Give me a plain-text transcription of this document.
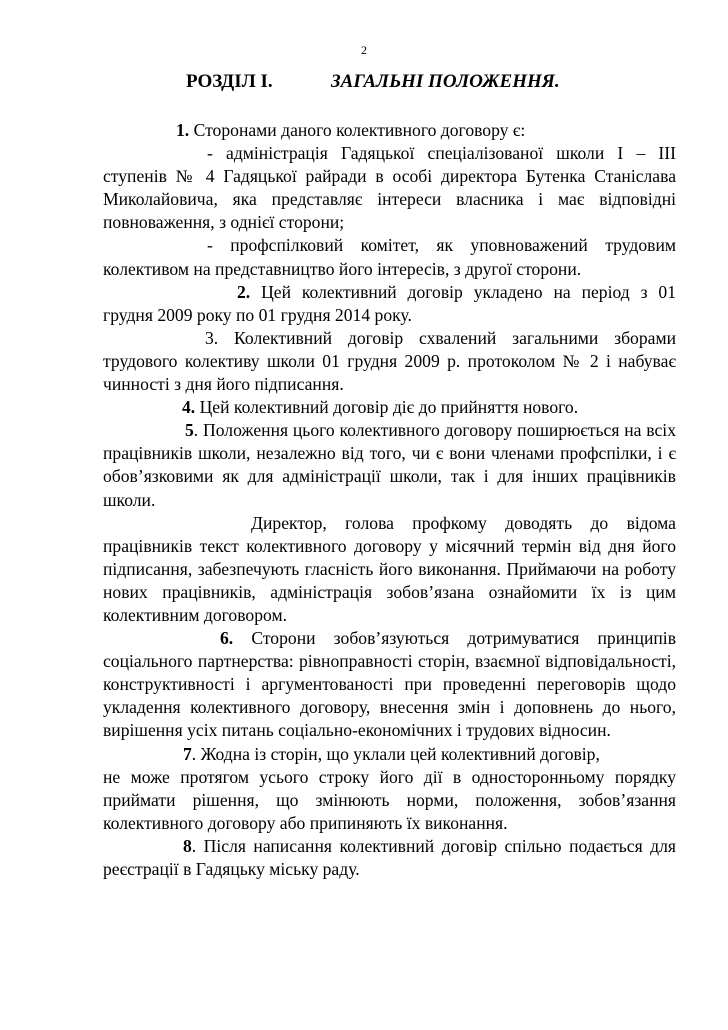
2
РОЗДІЛ І.	ЗАГАЛЬНІ ПОЛОЖЕННЯ.

1. Сторонами даного колективного договору є:

- адміністрація Гадяцької спеціалізованої школи І – ІІІ ступенів № 4 Гадяцької райради в особі директора Бутенка Станіслава Миколайовича, яка представляє інтереси власника і має відповідні повноваження, з однієї сторони;

- профспілковий комітет, як уповноважений трудовим колективом на представництво його інтересів, з другої сторони.

2. Цей колективний договір укладено на період з 01 грудня 2009 року по 01 грудня 2014 року.

3. Колективний договір схвалений загальними зборами трудового колективу школи 01 грудня 2009 р. протоколом № 2 і набуває чинності з дня його підписання.

4. Цей колективний договір діє до прийняття нового.

5. Положення цього колективного договору поширюється на всіх працівників школи, незалежно від того, чи є вони членами профспілки, і є обов’язковими як для адміністрації школи, так і для інших працівників школи.

Директор, голова профкому доводять до відома працівників текст колективного договору у місячний термін від дня його підписання, забезпечують гласність його виконання. Приймаючи на роботу нових працівників, адміністрація зобов’язана ознайомити їх із цим колективним договором.

6. Сторони зобов’язуються дотримуватися принципів соціального партнерства: рівноправності сторін, взаємної відповідальності, конструктивності і аргументованості при проведенні переговорів щодо укладення колективного договору, внесення змін і доповнень до нього, вирішення усіх питань соціально-економічних і трудових відносин.

7. Жодна із сторін, що уклали цей колективний договір,

не може протягом усього строку його дії в односторонньому порядку приймати рішення, що змінюють норми, положення, зобов’язання колективного договору або припиняють їх виконання.

8. Після написання колективний договір спільно подається для реєстрації в Гадяцьку міську раду.
